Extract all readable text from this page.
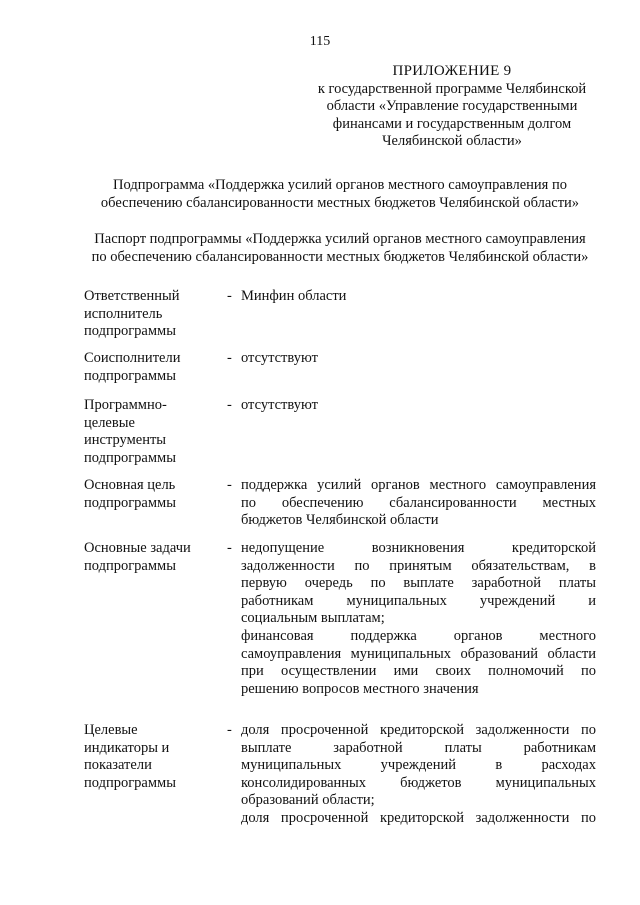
115
ПРИЛОЖЕНИЕ 9
к государственной программе Челябинской
области «Управление государственными
финансами и государственным долгом
Челябинской области»
Подпрограмма «Поддержка усилий органов местного самоуправления по
обеспечению сбалансированности местных бюджетов Челябинской области»
Паспорт подпрограммы «Поддержка усилий органов местного самоуправления
по обеспечению сбалансированности местных бюджетов Челябинской области»
Ответственный
исполнитель
подпрограммы
- Минфин области

Соисполнители
подпрограммы
- отсутствуют

Программно-
целевые
инструменты
подпрограммы
- отсутствуют

Основная цель
подпрограммы
- поддержка усилий органов местного самоуправления
по обеспечению сбалансированности местных
бюджетов Челябинской области
Основные задачи
подпрограммы
- недопущение возникновения кредиторской
задолженности по принятым обязательствам, в
первую очередь по выплате заработной платы
работникам муниципальных учреждений и
социальным выплатам;
финансовая поддержка органов местного
самоуправления муниципальных образований области
при осуществлении ими своих полномочий по
решению вопросов местного значения
Целевые
индикаторы и
показатели
подпрограммы
- доля просроченной кредиторской задолженности по
выплате заработной платы работникам
муниципальных учреждений в расходах
консолидированных бюджетов муниципальных
образований области;
доля просроченной кредиторской задолженности по
